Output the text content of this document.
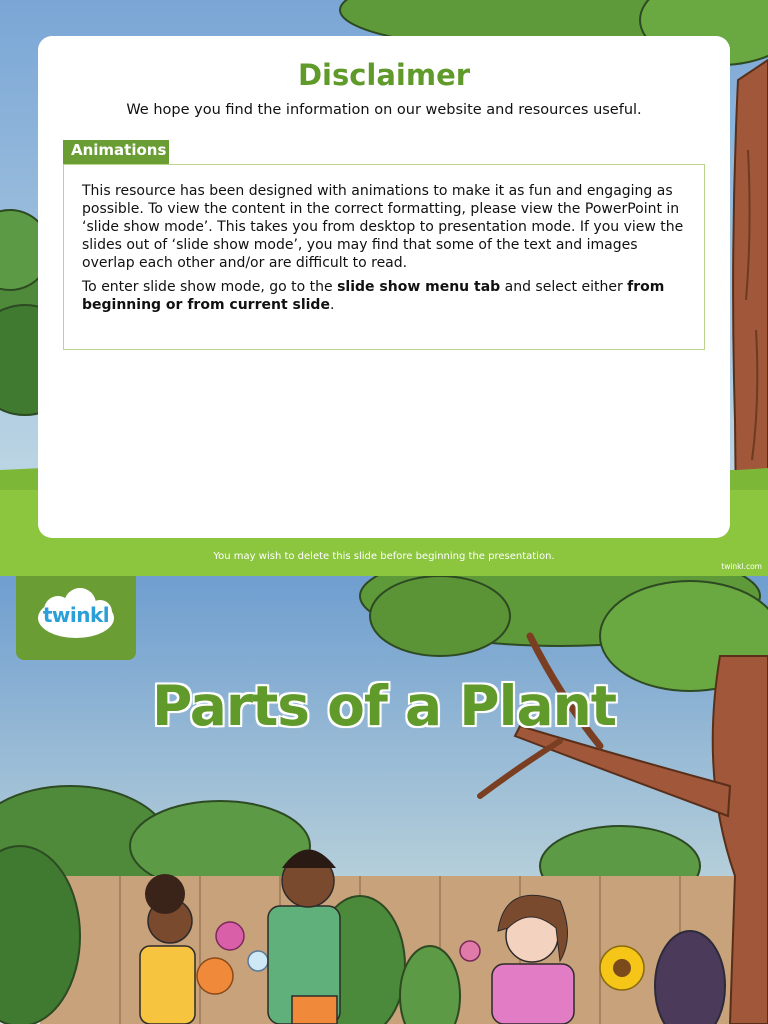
Disclaimer

We hope you find the information on our website and resources useful.

Animations

This resource has been designed with animations to make it as fun and engaging as possible. To view the content in the correct formatting, please view the PowerPoint in ‘slide show mode’. This takes you from desktop to presentation mode. If you view the slides out of ‘slide show mode’, you may find that some of the text and images overlap each other and/or are difficult to read.

To enter slide show mode, go to the slide show menu tab and select either from beginning or from current slide.

You may wish to delete this slide before beginning the presentation.

twinkl.com
twinkl
Parts of a Plant
